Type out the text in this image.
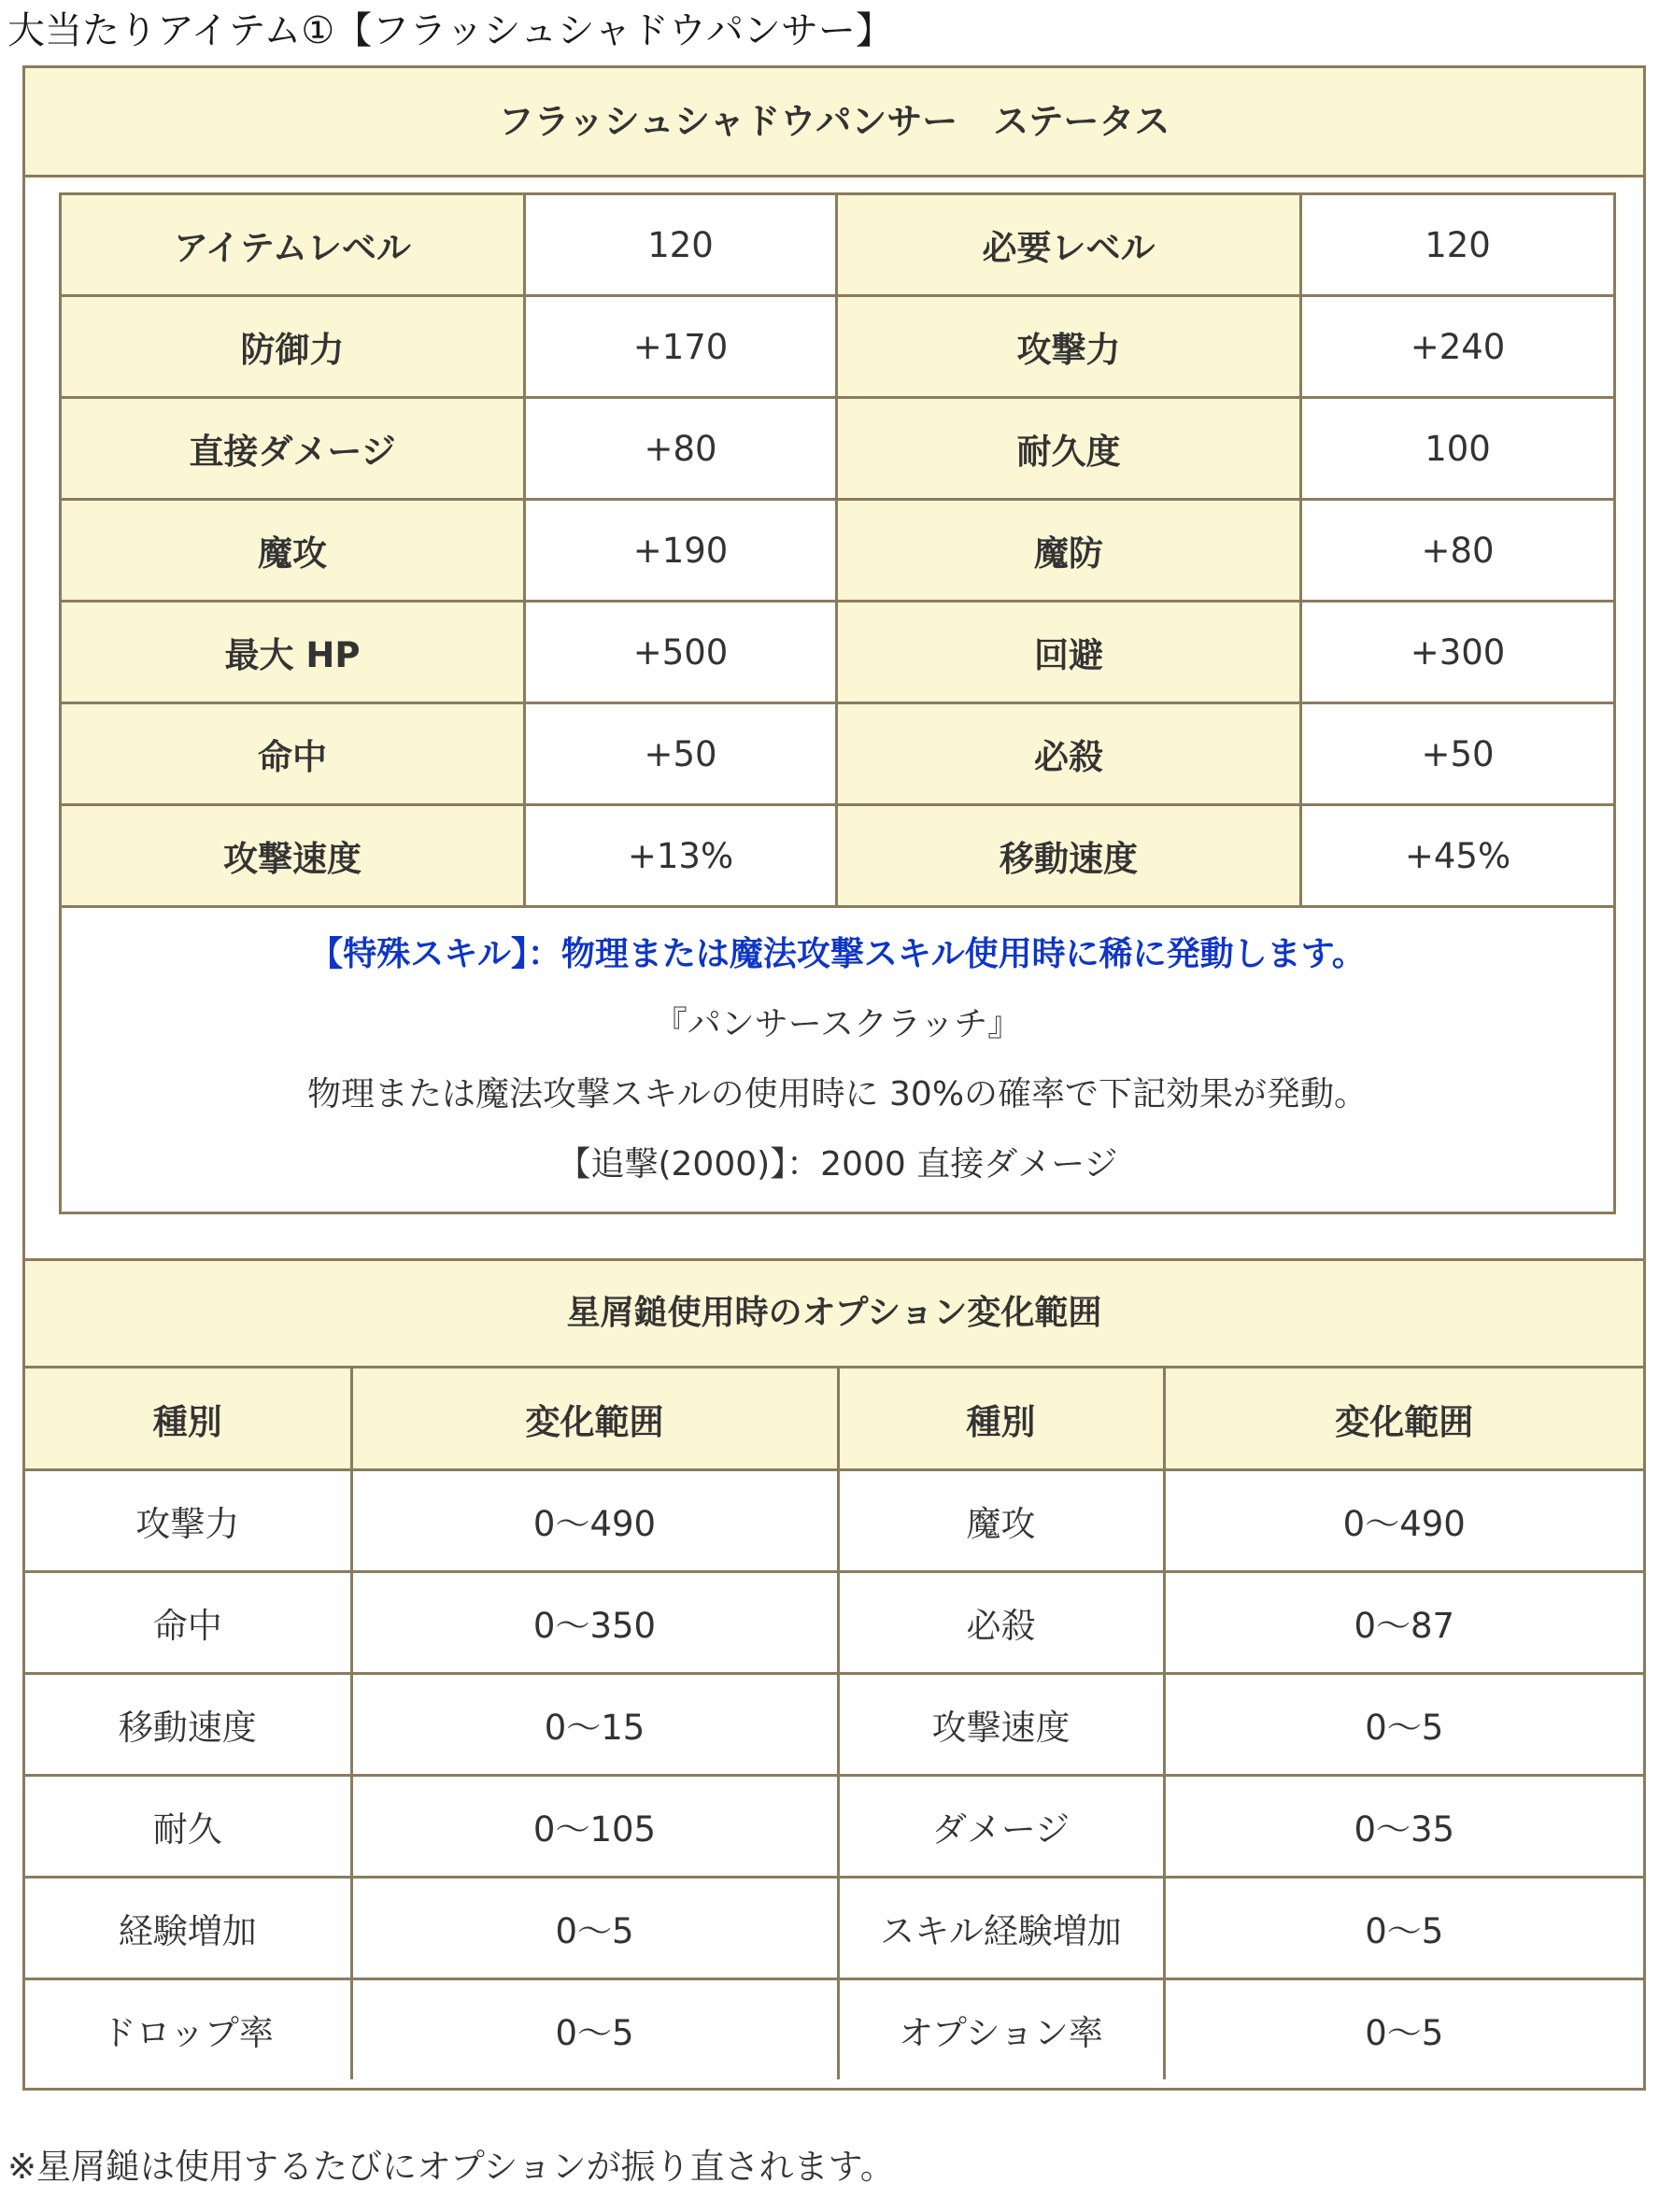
大当たりアイテム①【フラッシュシャドウパンサー】
フラッシュシャドウパンサー　ステータス
アイテムレベル	120	必要レベル	120
防御力	+170	攻撃力	+240
直接ダメージ	+80	耐久度	100
魔攻	+190	魔防	+80
最大 HP	+500	回避	+300
命中	+50	必殺	+50
攻撃速度	+13%	移動速度	+45%

【特殊スキル】：物理または魔法攻撃スキル使用時に稀に発動します。
『パンサースクラッチ』
物理または魔法攻撃スキルの使用時に 30%の確率で下記効果が発動。
【追撃(2000)】：2000 直接ダメージ			
星屑鎚使用時のオプション変化範囲
種別	変化範囲	種別	変化範囲
攻撃力	0～490	魔攻	0～490
命中	0～350	必殺	0～87
移動速度	0～15	攻撃速度	0～5
耐久	0～105	ダメージ	0～35
経験増加	0～5	スキル経験増加	0～5
ドロップ率	0～5	オプション率	0～5
※星屑鎚は使用するたびにオプションが振り直されます。
